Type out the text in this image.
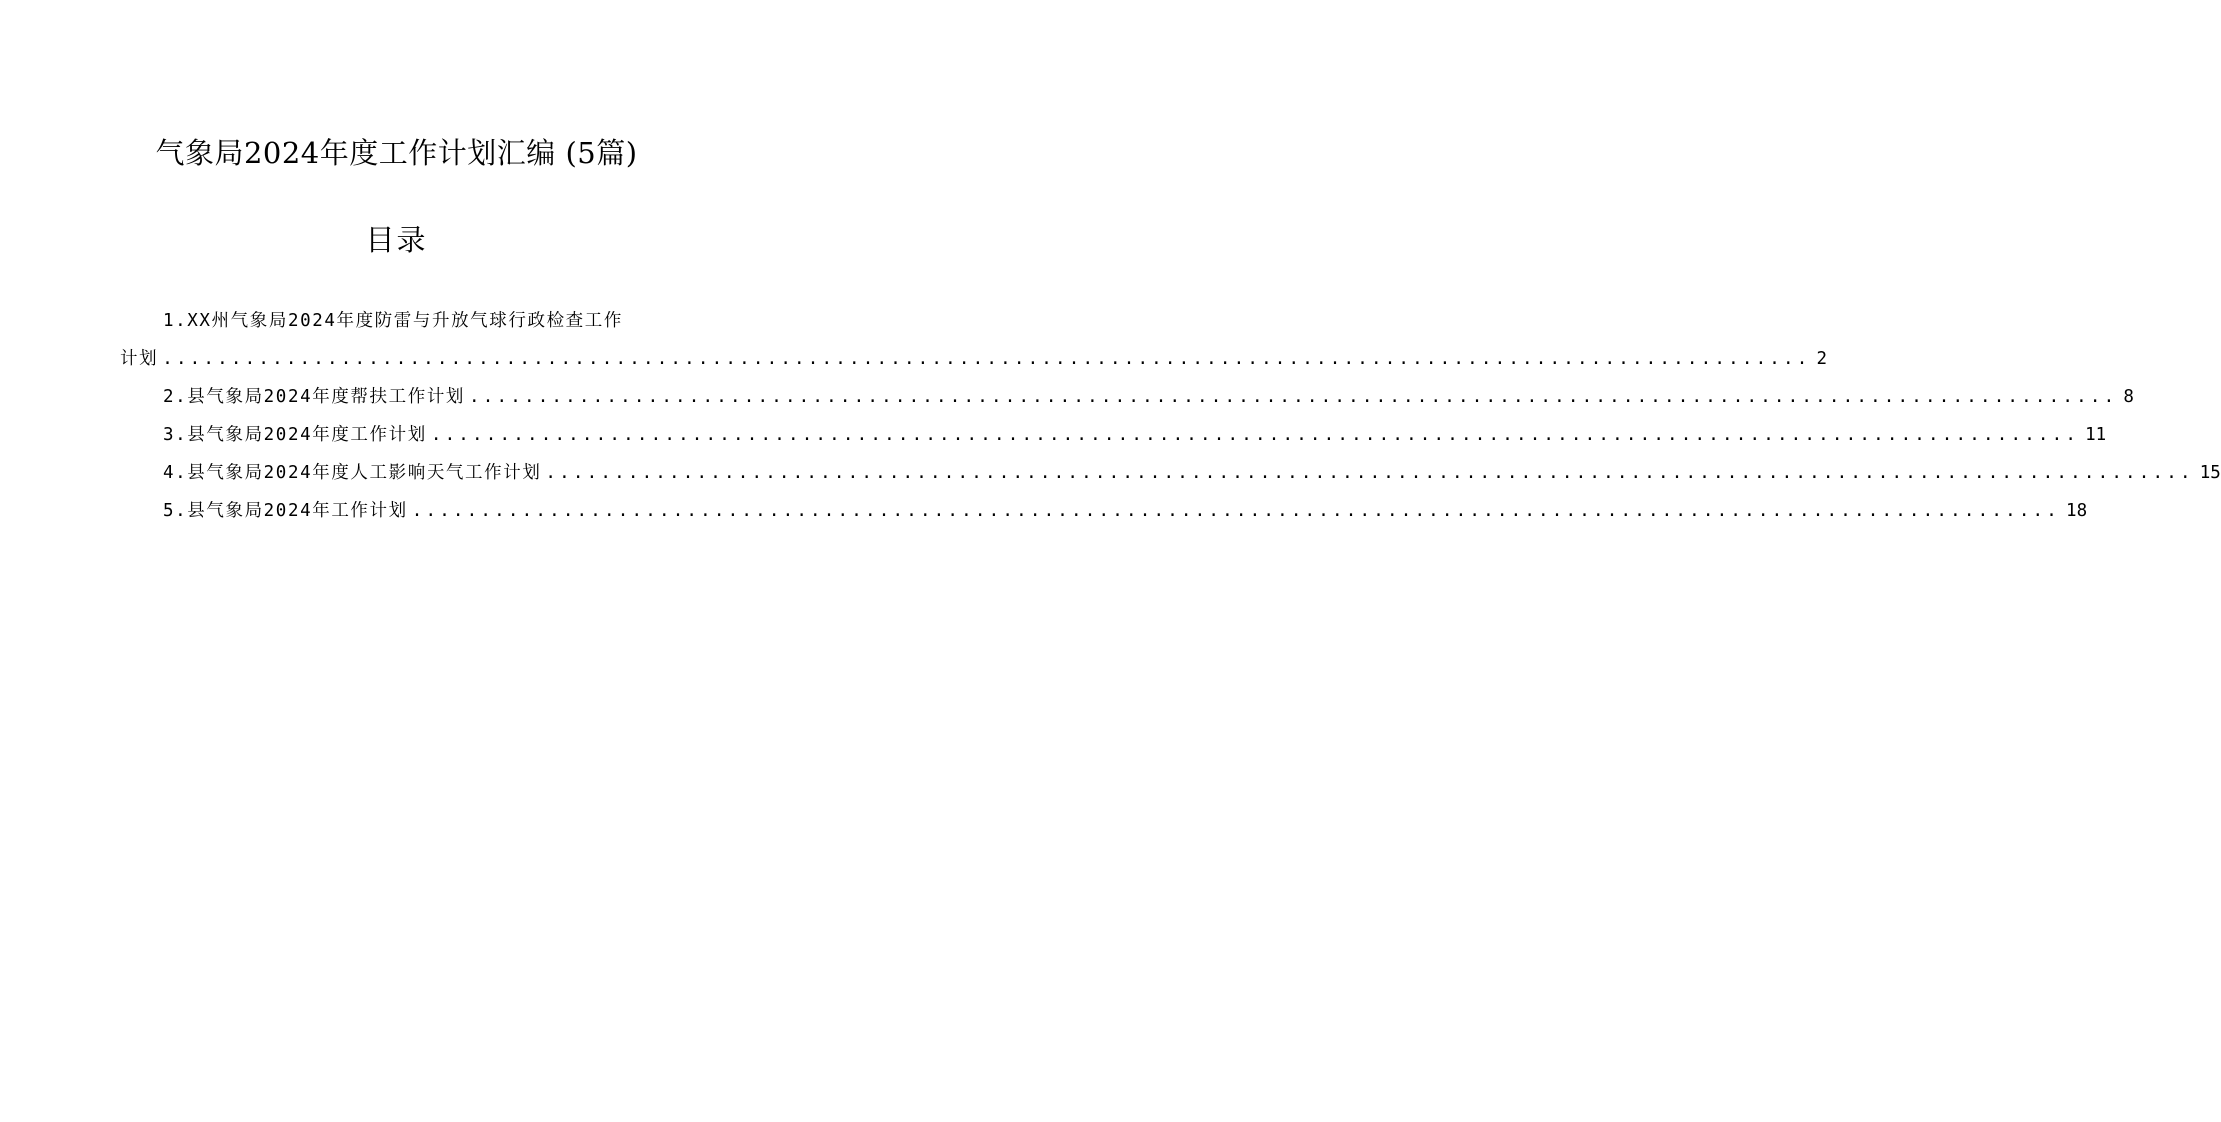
气象局2024年度工作计划汇编 (5篇)
目录
1.XX州气象局2024年度防雷与升放气球行政检查工作
计划 ........................................................................................................................ 2
2.县气象局2024年度帮扶工作计划 ........................................................................................................................ 8
3.县气象局2024年度工作计划 ........................................................................................................................ 11
4.县气象局2024年度人工影响天气工作计划 ........................................................................................................................ 15
5.县气象局2024年工作计划 ........................................................................................................................ 18
